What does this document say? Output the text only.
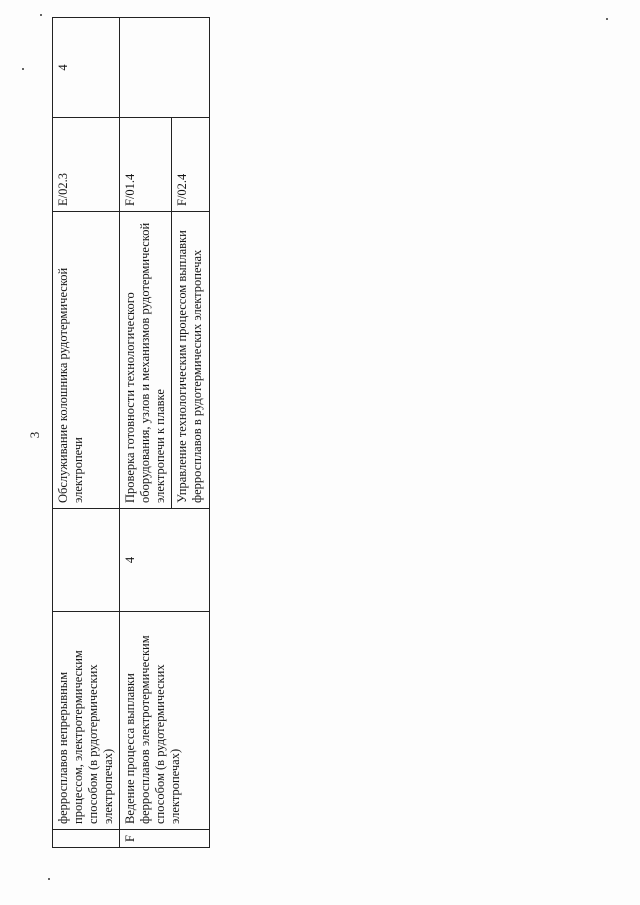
3
	ферросплавов непрерывным процессом, электротермическим способом (в рудотермических электропечах)		Обслуживание колошника рудотермической электропечи	E/02.3	4
F	Ведение процесса выплавки ферросплавов электротермическим способом (в рудотермических электропечах)	4	Проверка готовности технологического оборудования, узлов и механизмов рудотермической электропечи к плавке	F/01.4	
			Управление технологическим процессом выплавки ферросплавов в рудотермических электропечах	F/02.4	
